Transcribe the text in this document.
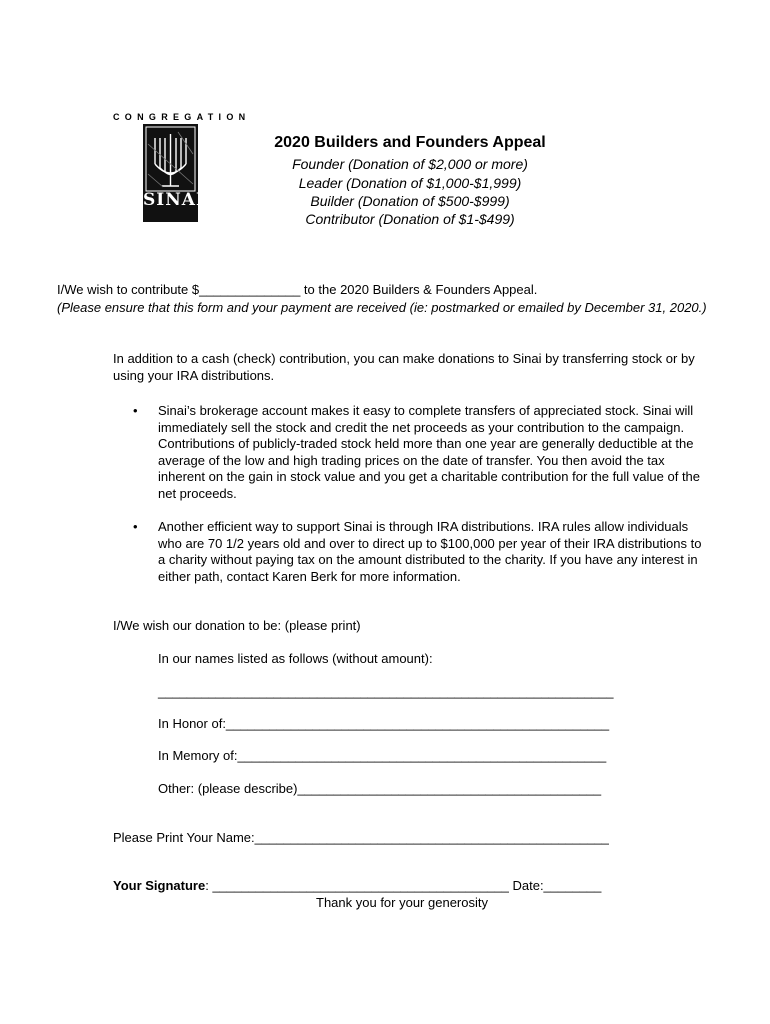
CONGREGATION
SINAI
2020 Builders and Founders Appeal
Founder (Donation of $2,000 or more)
Leader (Donation of $1,000-$1,999)
Builder (Donation of $500-$999)
Contributor (Donation of $1-$499)
I/We wish to contribute $______________ to the 2020 Builders & Founders Appeal.
(Please ensure that this form and your payment are received (ie: postmarked or emailed by December 31, 2020.)
In addition to a cash (check) contribution, you can make donations to Sinai by transferring stock or by using your IRA distributions.
• Sinai’s brokerage account makes it easy to complete transfers of appreciated stock. Sinai will immediately sell the stock and credit the net proceeds as your contribution to the campaign. Contributions of publicly-traded stock held more than one year are generally deductible at the average of the low and high trading prices on the date of transfer. You then avoid the tax inherent on the gain in stock value and you get a charitable contribution for the full value of the net proceeds.
• Another efficient way to support Sinai is through IRA distributions. IRA rules allow individuals who are 70 1/2 years old and over to direct up to $100,000 per year of their IRA distributions to a charity without paying tax on the amount distributed to the charity. If you have any interest in either path, contact Karen Berk for more information.
I/We wish our donation to be: (please print)
In our names listed as follows (without amount):
_______________________________________________________________
In Honor of:_____________________________________________________
In Memory of:___________________________________________________
Other: (please describe)__________________________________________
Please Print Your Name:_________________________________________________
Your Signature: _________________________________________ Date:________
Thank you for your generosity
